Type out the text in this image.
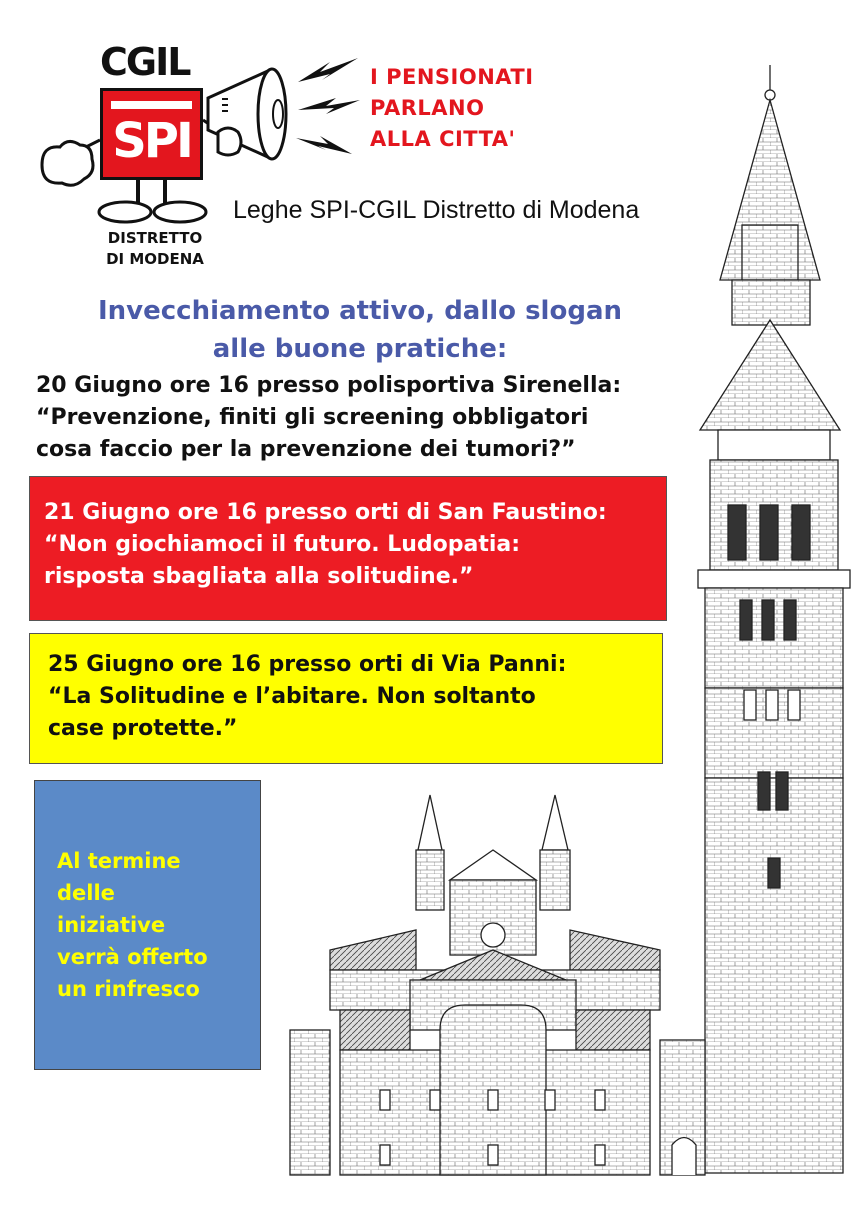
CGIL
SPI
DISTRETTO
DI MODENA
I PENSIONATI
PARLANO
ALLA CITTA'
Leghe SPI-CGIL Distretto di Modena
Invecchiamento attivo, dallo slogan
alle buone pratiche:
20 Giugno ore 16 presso polisportiva Sirenella:
“Prevenzione, finiti gli screening obbligatori
cosa faccio per la prevenzione dei tumori?”
21 Giugno ore 16 presso orti di San Faustino:
“Non giochiamoci il futuro. Ludopatia:
risposta sbagliata alla solitudine.”
25 Giugno ore 16 presso orti di Via Panni:
“La Solitudine e l’abitare. Non soltanto
case protette.”
Al termine
delle
iniziative
verrà offerto
un rinfresco
